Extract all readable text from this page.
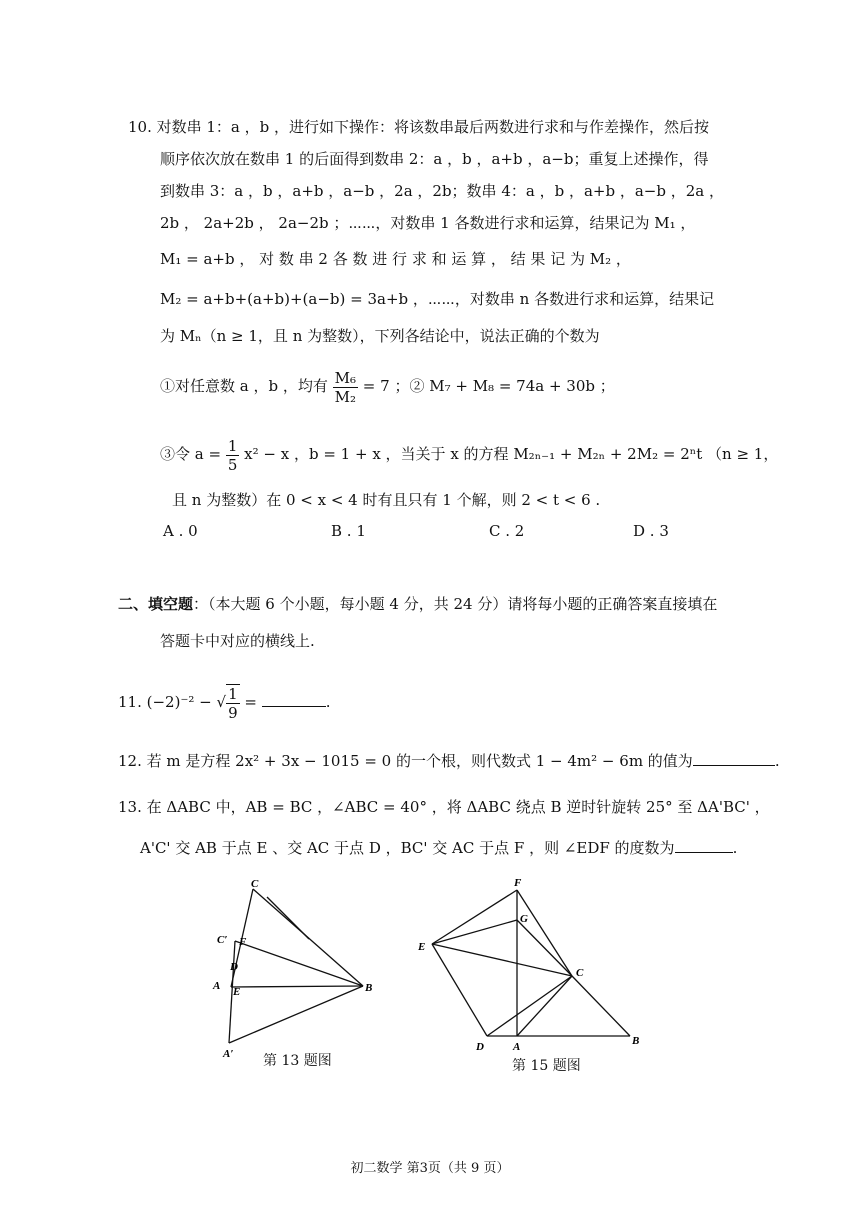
10. 对数串 1：a ，b ，进行如下操作：将该数串最后两数进行求和与作差操作，然后按
顺序依次放在数串 1 的后面得到数串 2：a ，b ，a+b ，a−b；重复上述操作，得
到数串 3：a ，b ，a+b ，a−b ，2a ，2b；数串 4：a ，b ，a+b ，a−b ，2a ，
2b ， 2a+2b ， 2a−2b ；⋯⋯，对数串 1 各数进行求和运算，结果记为 M₁ ，
M₁ = a+b ， 对 数 串 2 各 数 进 行 求 和 运 算 ， 结 果 记 为 M₂ ，
M₂ = a+b+(a+b)+(a−b) = 3a+b ，⋯⋯，对数串 n 各数进行求和运算，结果记
为 Mₙ（n ≥ 1，且 n 为整数），下列各结论中，说法正确的个数为
①对任意数 a ，b ，均有 $\frac{\text{M₆}}{\text{M₂}} = 7$ ；② M₇ + M₈ = 74a + 30b ；
③令 $a = \frac{1}{5} x^2 - x$ ，b = 1 + x ，当关于 x 的方程 M₂ₙ₋₁ + M₂ₙ + 2M₂ = 2ⁿt （n ≥ 1，
且 n 为整数）在 0 < x < 4 时有且只有 1 个解，则 2 < t < 6 .
A . 0	B . 1	C . 2	D . 3
二、填空题：（本大题 6 个小题，每小题 4 分，共 24 分）请将每小题的正确答案直接填在
答题卡中对应的横线上.
11. (−2)⁻² − √ $\frac{1}{9}$ =	.
12. 若 m 是方程 2x² + 3x − 1015 = 0 的一个根，则代数式 1 − 4m² − 6m 的值为	.
13. 在 ΔABC 中，AB = BC ，∠ABC = 40° ，将 ΔABC 绕点 B 逆时针旋转 25° 至 ΔA'BC' ，
A'C' 交 AB 于点 E 、交 AC 于点 D ，BC' 交 AC 于点 F ，则 ∠EDF 的度数为	.
C
C′ F
D
A E	B
A′ 第 13 题图
F
G
E
C
D	A	B
第 15 题图
初二数学 第3页（共 9 页）
